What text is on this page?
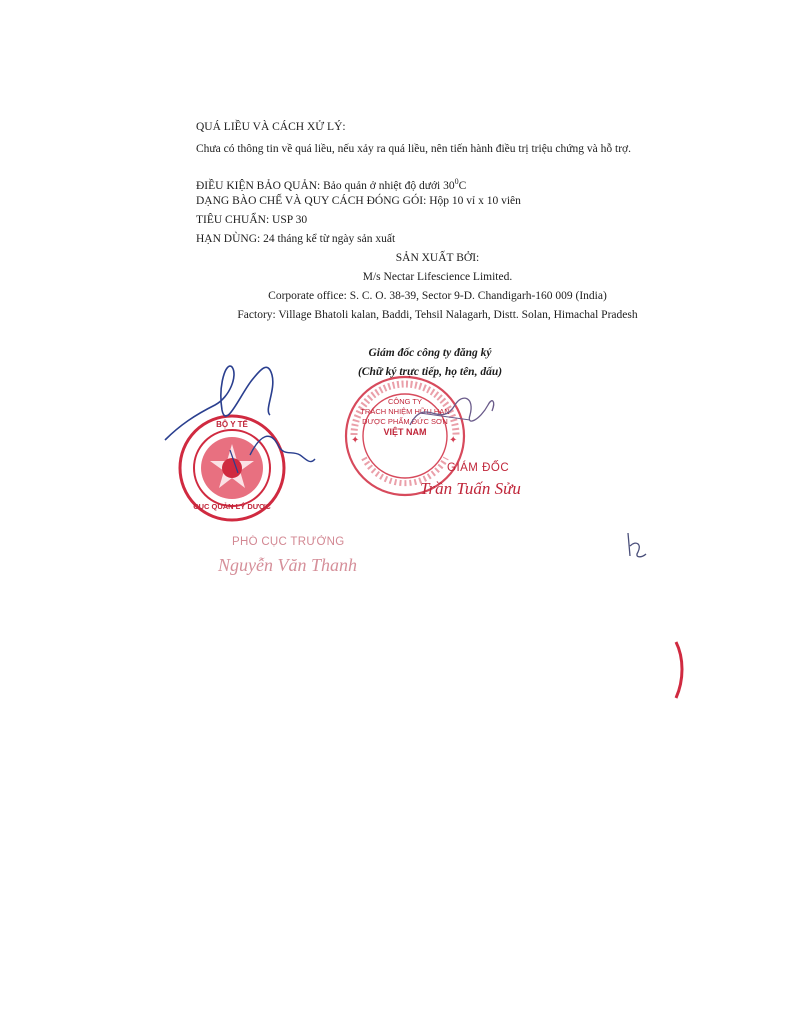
QUÁ LIỀU VÀ CÁCH XỬ LÝ:
Chưa có thông tin về quá liều, nếu xảy ra quá liều, nên tiến hành điều trị triệu chứng và hỗ trợ.
ĐIỀU KIỆN BẢO QUẢN: Bảo quản ở nhiệt độ dưới $30^0C$
DẠNG BÀO CHẾ VÀ QUY CÁCH ĐÓNG GÓI: Hộp 10 vỉ x 10 viên
TIÊU CHUẨN: USP 30
HẠN DÙNG: 24 tháng kể từ ngày sản xuất
SẢN XUẤT BỞI:
M/s Nectar Lifescience Limited.
Corporate office: S. C. O. 38-39, Sector 9-D. Chandigarh-160 009 (India)
Factory: Village Bhatoli kalan, Baddi, Tehsil Nalagarh, Distt. Solan, Himachal Pradesh
Giám đốc công ty đăng ký
(Chữ ký trực tiếp, họ tên, dấu)
✦	✦
CÔNG TY
TRÁCH NHIỆM HỮU HẠN
DƯỢC PHẨM ĐỨC SƠN
VIỆT NAM
GIÁM ĐỐC
Trần Tuấn Sửu
BỘ Y TẾ
CỤC QUẢN LÝ DƯỢC
PHÓ CỤC TRƯỞNG
Nguyễn Văn Thanh
